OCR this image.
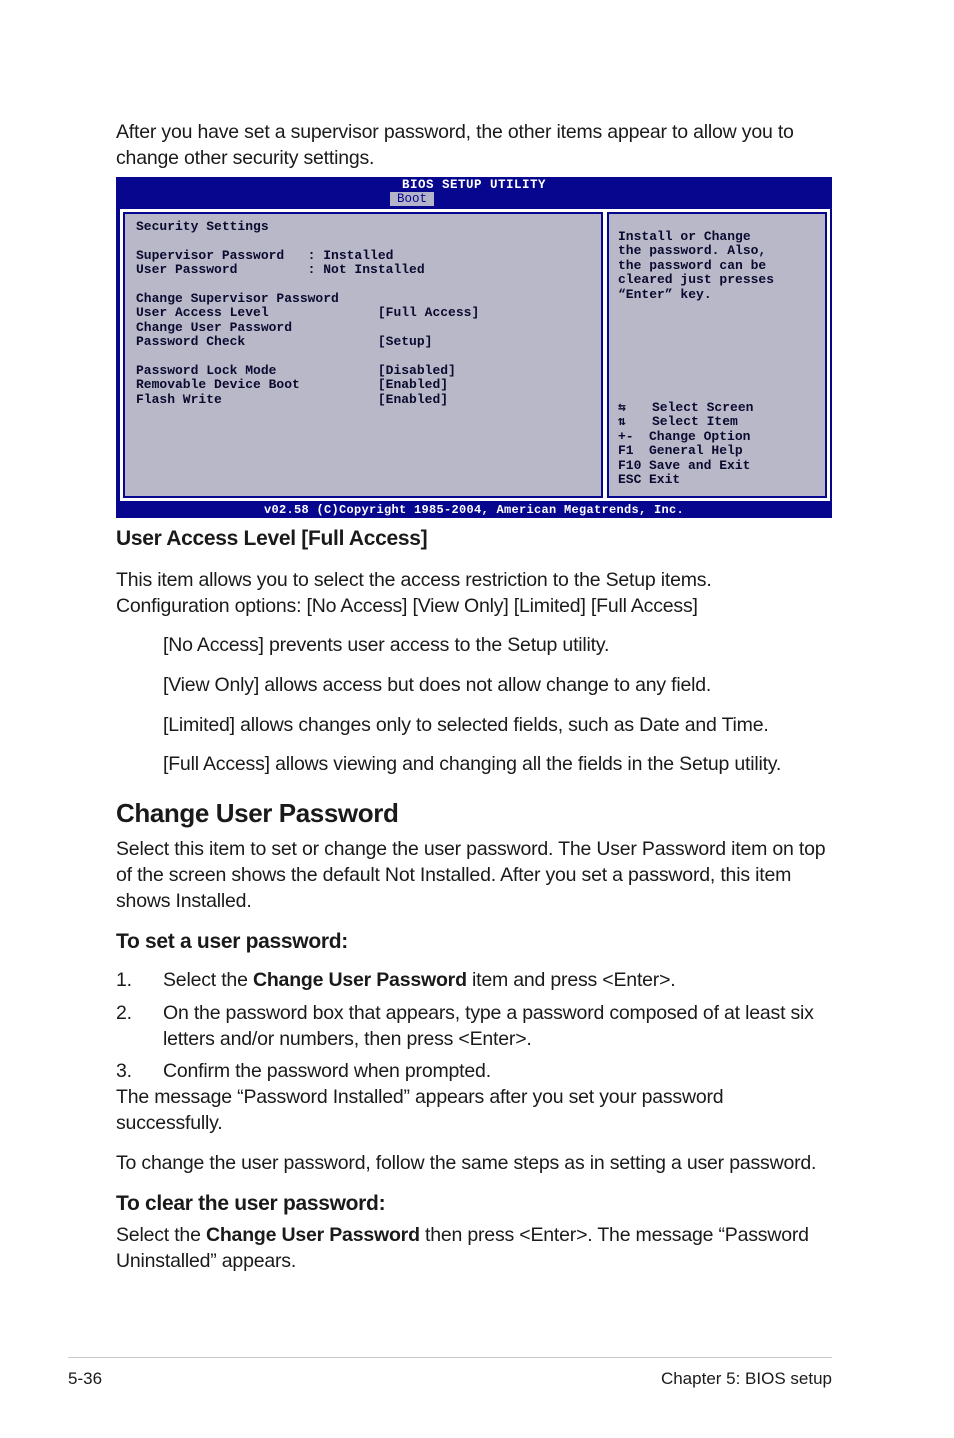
After you have set a supervisor password, the other items appear to allow you to change other security settings.

BIOS SETUP UTILITY
Boot
Security Settings
Supervisor Password   : Installed
User Password         : Not Installed
Change Supervisor Password
User Access Level              [Full Access]
Change User Password
Password Check                 [Setup]
Password Lock Mode             [Disabled]
Removable Device Boot          [Enabled]
Flash Write                    [Enabled]
Install or Change
the password. Also,
the password can be
cleared just presses
“Enter” key.
⇆ Select Screen
⇅ Select Item
+- Change Option
F1 General Help
F10 Save and Exit
ESC Exit
v02.58 (C)Copyright 1985-2004, American Megatrends, Inc.
User Access Level [Full Access]

This item allows you to select the access restriction to the Setup items.

Configuration options: [No Access] [View Only] [Limited] [Full Access]

[No Access] prevents user access to the Setup utility.

[View Only] allows access but does not allow change to any field.

[Limited] allows changes only to selected fields, such as Date and Time.

[Full Access] allows viewing and changing all the fields in the Setup utility.

Change User Password

Select this item to set or change the user password. The User Password item on top of the screen shows the default Not Installed. After you set a password, this item shows Installed.

To set a user password:
1. Select the Change User Password item and press <Enter>.

2. On the password box that appears, type a password composed of at least six letters and/or numbers, then press <Enter>.

3. Confirm the password when prompted.

The message “Password Installed” appears after you set your password successfully.

To change the user password, follow the same steps as in setting a user password.

To clear the user password:

Select the Change User Password then press <Enter>. The message “Password Uninstalled” appears.

5-36	Chapter 5: BIOS setup
